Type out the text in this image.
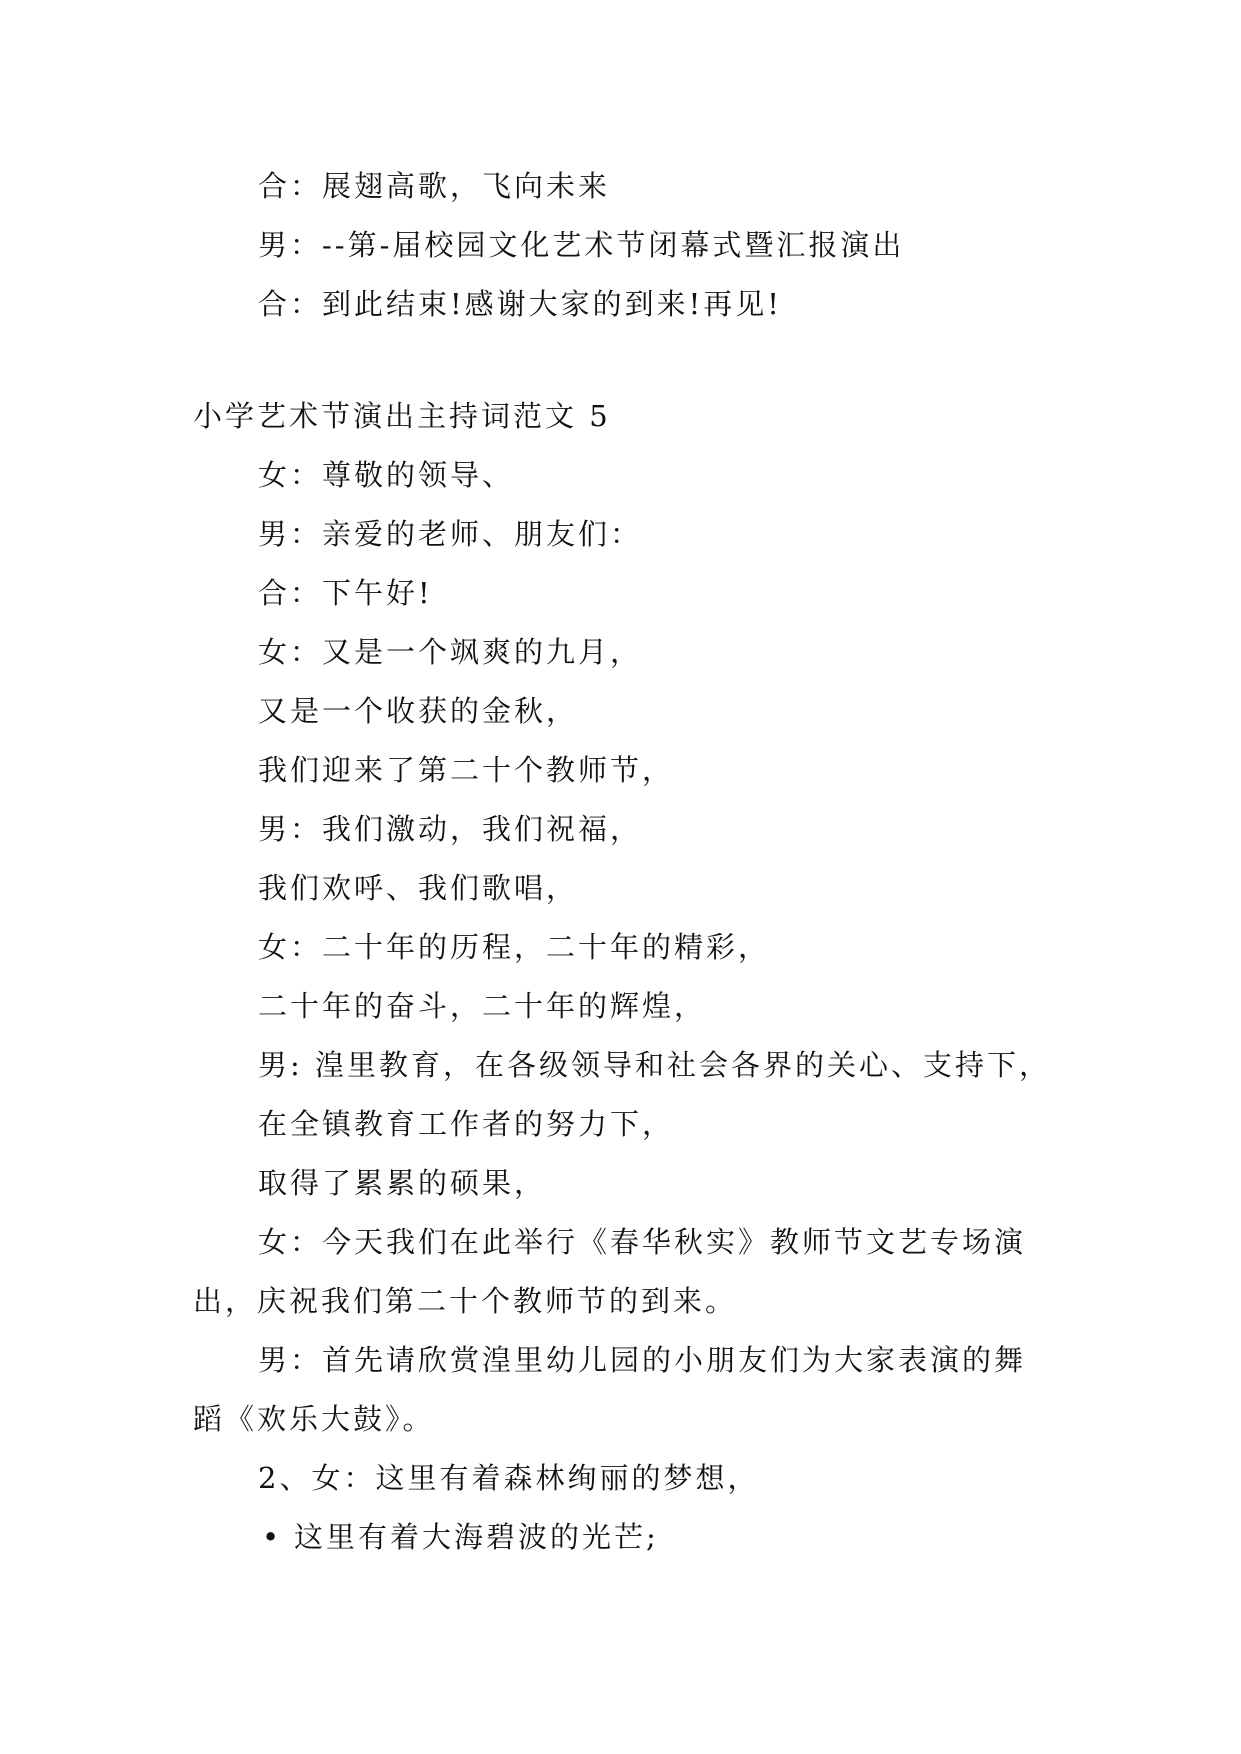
合：展翅高歌，飞向未来
男：--第-届校园文化艺术节闭幕式暨汇报演出
合：到此结束!感谢大家的到来!再见!
小学艺术节演出主持词范文 5
女：尊敬的领导、
男：亲爱的老师、朋友们：
合：下午好!
女：又是一个飒爽的九月，
又是一个收获的金秋，
我们迎来了第二十个教师节，
男：我们激动，我们祝福，
我们欢呼、我们歌唱，
女：二十年的历程，二十年的精彩，
二十年的奋斗，二十年的辉煌，
男: 湟里教育，在各级领导和社会各界的关心、支持下，
在全镇教育工作者的努力下，
取得了累累的硕果，
女：今天我们在此举行《春华秋实》教师节文艺专场演
出，庆祝我们第二十个教师节的到来。
男：首先请欣赏湟里幼儿园的小朋友们为大家表演的舞
蹈《欢乐大鼓》。
2、女：这里有着森林绚丽的梦想，
• 这里有着大海碧波的光芒;
